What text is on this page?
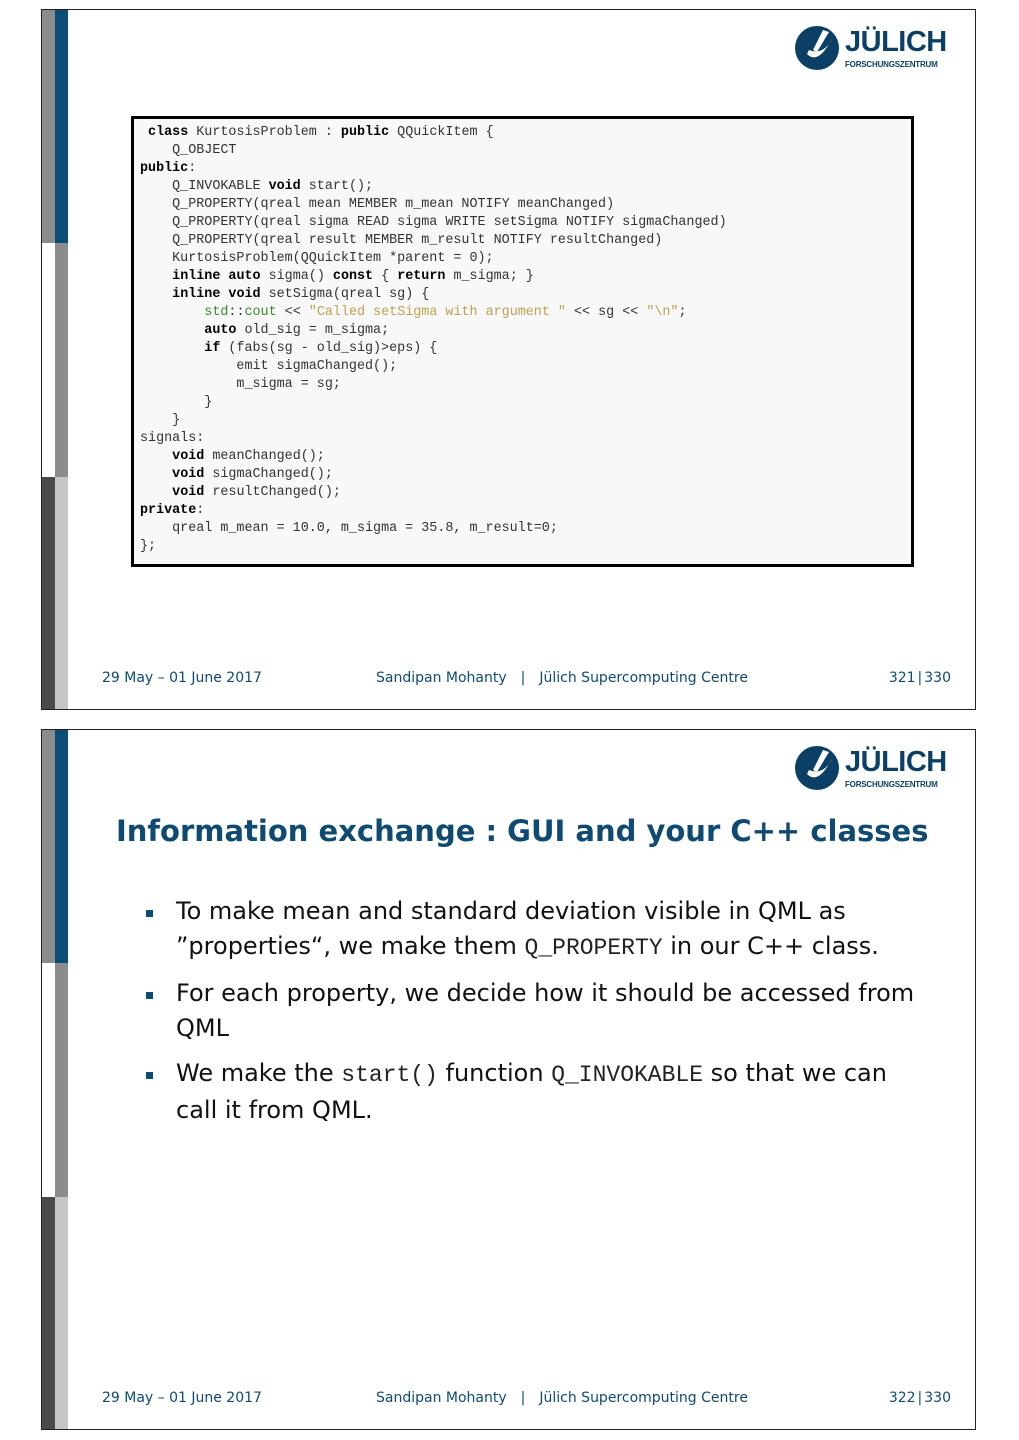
JÜLICH
FORSCHUNGSZENTRUM
class KurtosisProblem : public QQuickItem {
Q_OBJECT
public:
Q_INVOKABLE void start();
Q_PROPERTY(qreal mean MEMBER m_mean NOTIFY meanChanged)
Q_PROPERTY(qreal sigma READ sigma WRITE setSigma NOTIFY sigmaChanged)
Q_PROPERTY(qreal result MEMBER m_result NOTIFY resultChanged)
KurtosisProblem(QQuickItem *parent = 0);
inline auto sigma() const { return m_sigma; }
inline void setSigma(qreal sg) {
std::cout << "Called setSigma with argument " << sg << "\n";
auto old_sig = m_sigma;
if (fabs(sg - old_sig)>eps) {
emit sigmaChanged();
m_sigma = sg;
}
}
signals:
void meanChanged();
void sigmaChanged();
void resultChanged();
private:
qreal m_mean = 10.0, m_sigma = 35.8, m_result=0;
};
29 May – 01 June 2017	Sandipan Mohanty | Jülich Supercomputing Centre	321 | 330
JÜLICH
FORSCHUNGSZENTRUM
Information exchange : GUI and your C++ classes
To make mean and standard deviation visible in QML as ”properties“, we make them Q_PROPERTY in our C++ class.
For each property, we decide how it should be accessed from QML
We make the start() function Q_INVOKABLE so that we can call it from QML.
29 May – 01 June 2017	Sandipan Mohanty | Jülich Supercomputing Centre	322 | 330
